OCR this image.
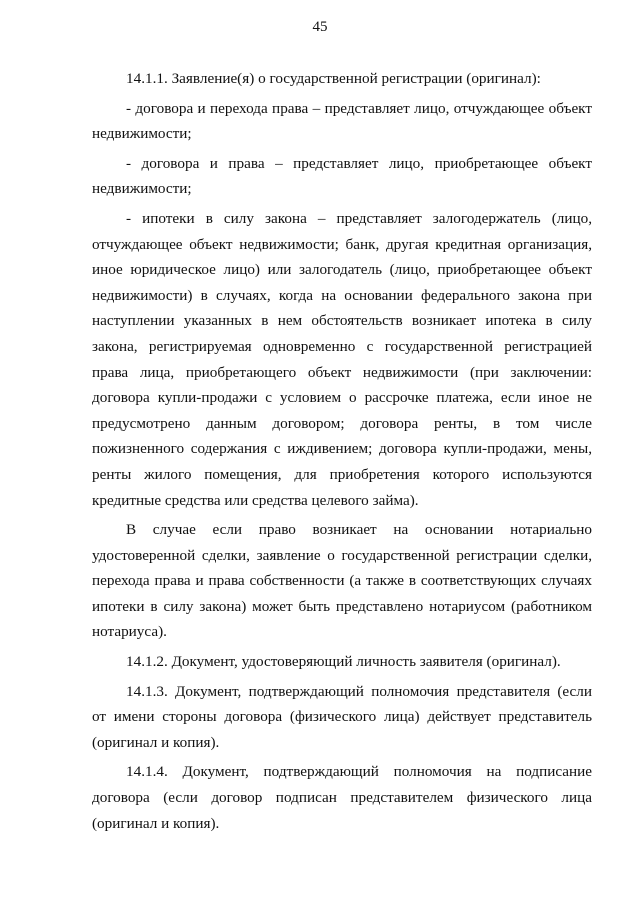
45

14.1.1. Заявление(я) о государственной регистрации (оригинал):

- договора и перехода права – представляет лицо, отчуждающее объект недвижимости;

- договора и права – представляет лицо, приобретающее объект недвижимости;

- ипотеки в силу закона – представляет залогодержатель (лицо, отчуждающее объект недвижимости; банк, другая кредитная организация, иное юридическое лицо) или залогодатель (лицо, приобретающее объект недвижимости) в случаях, когда на основании федерального закона при наступлении указанных в нем обстоятельств возникает ипотека в силу закона, регистрируемая одновременно с государственной регистрацией права лица, приобретающего объект недвижимости (при заключении: договора купли-продажи с условием о рассрочке платежа, если иное не предусмотрено данным договором; договора ренты, в том числе пожизненного содержания с иждивением; договора купли-продажи, мены, ренты жилого помещения, для приобретения которого используются кредитные средства или средства целевого займа).

В случае если право возникает на основании нотариально удостоверенной сделки, заявление о государственной регистрации сделки, перехода права и права собственности (а также в соответствующих случаях ипотеки в силу закона) может быть представлено нотариусом (работником нотариуса).

14.1.2. Документ, удостоверяющий личность заявителя (оригинал).

14.1.3. Документ, подтверждающий полномочия представителя (если от имени стороны договора (физического лица) действует представитель (оригинал и копия).

14.1.4. Документ, подтверждающий полномочия на подписание договора (если договор подписан представителем физического лица (оригинал и копия).
